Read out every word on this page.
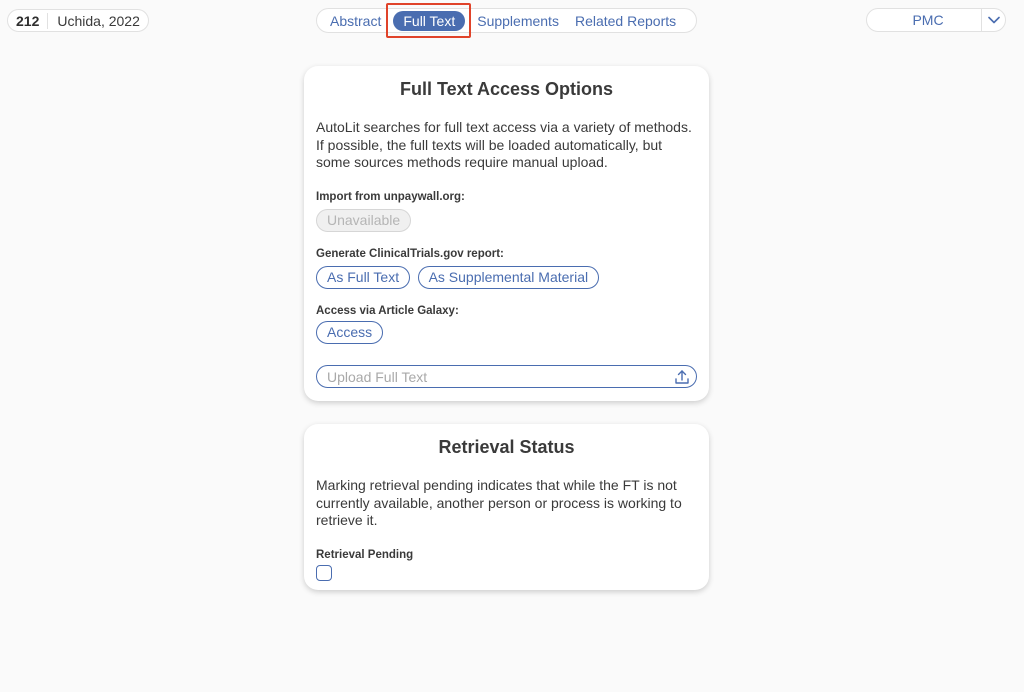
212	Uchida, 2022	Abstract	Full Text	Supplements	Related Reports	PMC
Full Text Access Options
AutoLit searches for full text access via a variety of methods. If possible, the full texts will be loaded automatically, but some sources methods require manual upload.
Import from unpaywall.org:
Unavailable
Generate ClinicalTrials.gov report:
As Full Text As Supplemental Material
Access via Article Galaxy:
Access
Upload Full Text
Retrieval Status
Marking retrieval pending indicates that while the FT is not currently available, another person or process is working to retrieve it.
Retrieval Pending
